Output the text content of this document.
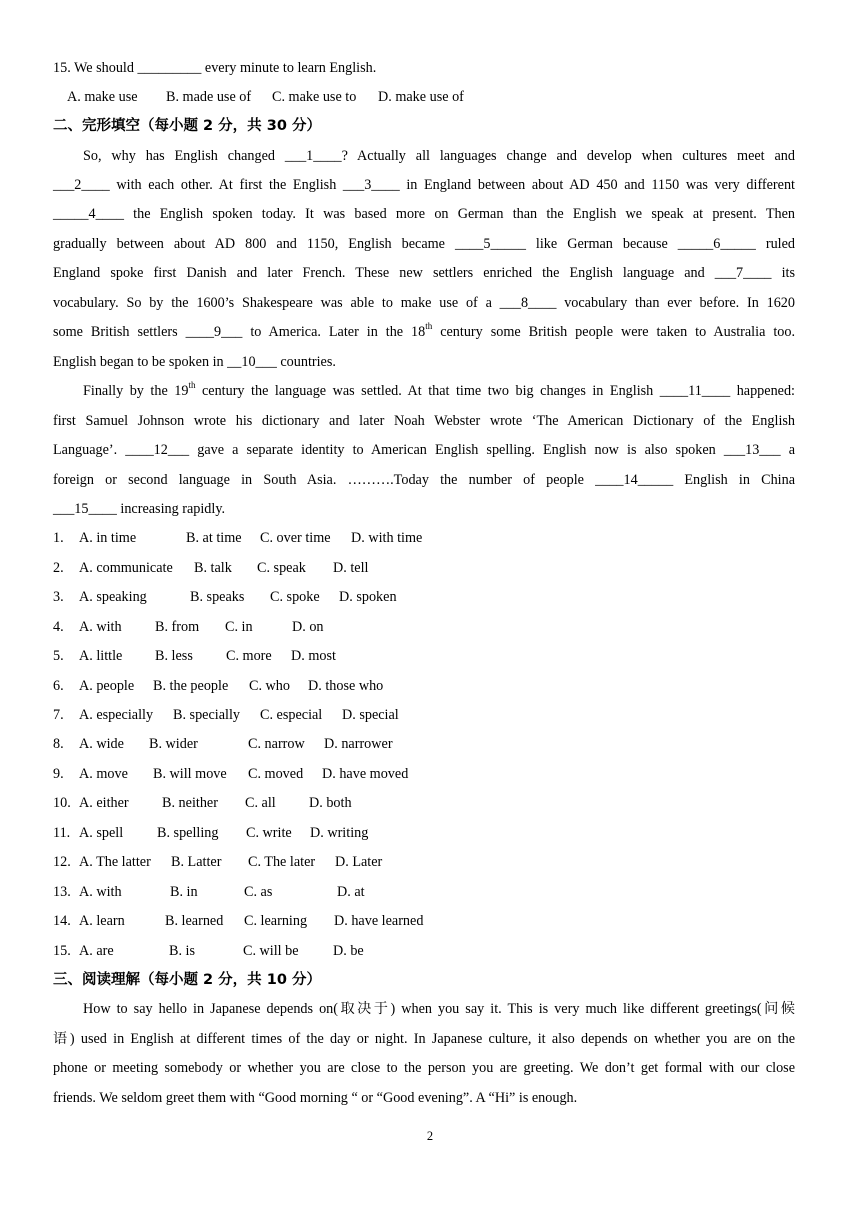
15. We should _________ every minute to learn English.
A. make use B. made use of C. make use to D. make use of
二、完形填空（每小题 2 分，共 30 分）
So, why has English changed ___1____? Actually all languages change and develop when cultures meet and
___2____ with each other. At first the English ___3____ in England between about AD 450 and 1150 was very different
_____4____ the English spoken today. It was based more on German than the English we speak at present. Then
gradually between about AD 800 and 1150, English became ____5_____ like German because _____6_____ ruled
England spoke first Danish and later French. These new settlers enriched the English language and ___7____ its
vocabulary. So by the 1600’s Shakespeare was able to make use of a ___8____ vocabulary than ever before. In 1620
some British settlers ____9___ to America. Later in the 18th century some British people were taken to Australia too.
English began to be spoken in __10___ countries.
Finally by the 19th century the language was settled. At that time two big changes in English ____11____ happened:
first Samuel Johnson wrote his dictionary and later Noah Webster wrote ‘The American Dictionary of the English
Language’. ____12___ gave a separate identity to American English spelling. English now is also spoken ___13___ a
foreign or second language in South Asia. ……….Today the number of people ____14_____ English in China
___15____ increasing rapidly.
1. A. in time	B. at time C. over time D. with time
2. A. communicate B. talk C. speak D. tell
3. A. speaking	B. speaks C. spoke D. spoken
4. A. with B. from C. in	D. on
5. A. little B. less C. more D. most
6. A. people B. the people C. who D. those who
7. A. especially B. specially C. especial D. special
8. A. wide B. wider	C. narrow D. narrower
9. A. move B. will move C. moved D. have moved
10. A. either B. neither C. all D. both
11. A. spell B. spelling C. write D. writing
12. A. The latter B. Latter C. The later D. Later
13. A. with	B. in	C. as	D. at
14. A. learn	B. learned C. learning D. have learned
15. A. are	B. is	C. will be D. be
三、阅读理解（每小题 2 分，共 10 分）
How to say hello in Japanese depends on(取决于) when you say it. This is very much like different greetings(问候
语) used in English at different times of the day or night. In Japanese culture, it also depends on whether you are on the
phone or meeting somebody or whether you are close to the person you are greeting. We don’t get formal with our close
friends. We seldom greet them with “Good morning “ or “Good evening”. A “Hi” is enough.
2
